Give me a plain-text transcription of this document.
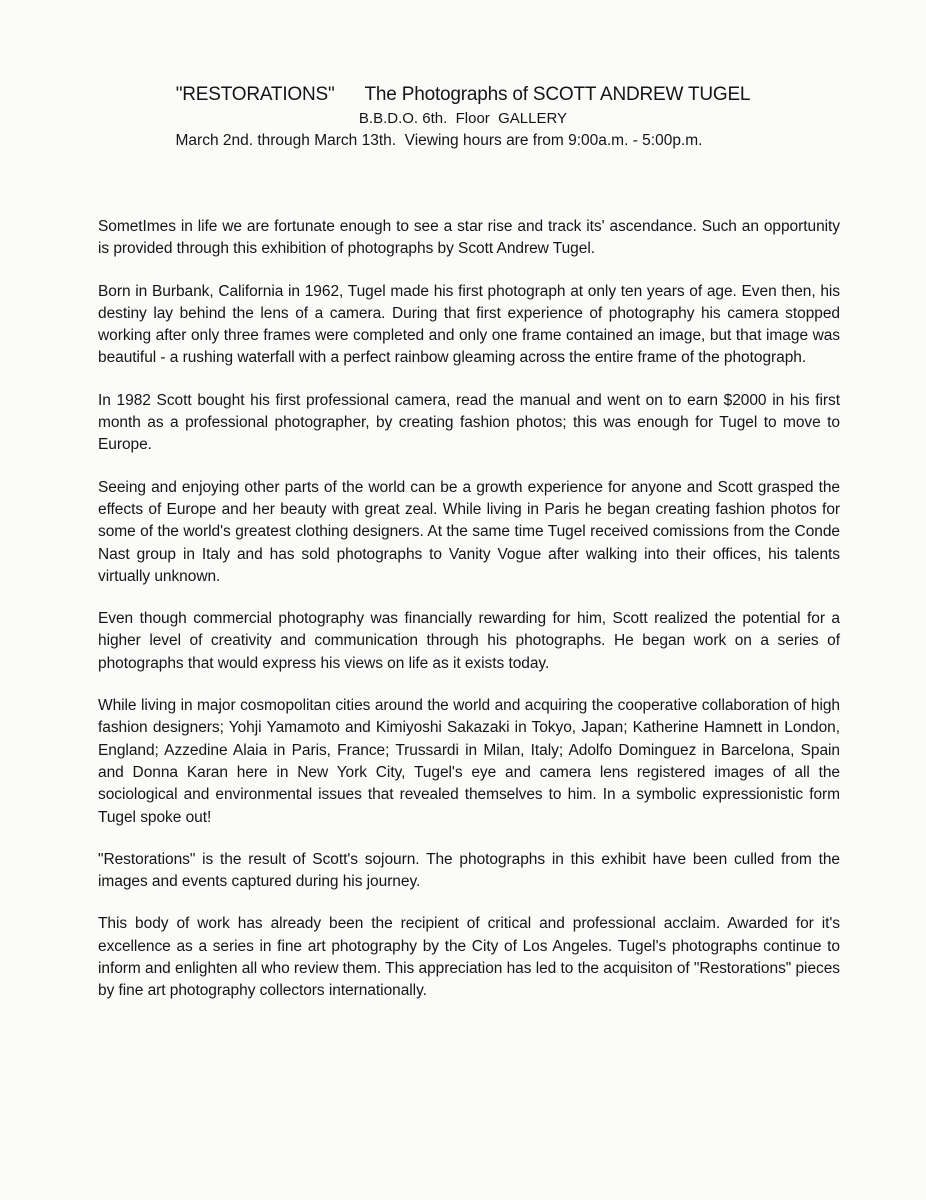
"RESTORATIONS" The Photographs of SCOTT ANDREW TUGEL
B.B.D.O. 6th.  Floor  GALLERY
March 2nd. through March 13th.  Viewing hours are from 9:00a.m. - 5:00p.m.

SometImes in life we are fortunate enough to see a star rise and track its' ascendance. Such an opportunity is provided through this exhibition of photographs by Scott Andrew Tugel.

Born in Burbank, California in 1962, Tugel made his first photograph at only ten years of age. Even then, his destiny lay behind the lens of a camera. During that first experience of photography his camera stopped working after only three frames were completed and only one frame contained an image, but that image was beautiful - a rushing waterfall with a perfect rainbow gleaming across the entire frame of the photograph.

In 1982 Scott bought his first professional camera, read the manual and went on to earn $2000 in his first month as a professional photographer, by creating fashion photos; this was enough for Tugel to move to Europe.

Seeing and enjoying other parts of the world can be a growth experience for anyone and Scott grasped the effects of Europe and her beauty with great zeal. While living in Paris he began creating fashion photos for some of the world's greatest clothing designers. At the same time Tugel received comissions from the Conde Nast group in Italy and has sold photographs to Vanity Vogue after walking into their offices, his talents virtually unknown.

Even though commercial photography was financially rewarding for him, Scott realized the potential for a higher level of creativity and communication through his photographs. He began work on a series of photographs that would express his views on life as it exists today.

While living in major cosmopolitan cities around the world and acquiring the cooperative collaboration of high fashion designers; Yohji Yamamoto and Kimiyoshi Sakazaki in Tokyo, Japan; Katherine Hamnett in London, England; Azzedine Alaia in Paris, France; Trussardi in Milan, Italy; Adolfo Dominguez in Barcelona, Spain and Donna Karan here in New York City, Tugel's eye and camera lens registered images of all the sociological and environmental issues that revealed themselves to him. In a symbolic expressionistic form Tugel spoke out!

"Restorations" is the result of Scott's sojourn. The photographs in this exhibit have been culled from the images and events captured during his journey.

This body of work has already been the recipient of critical and professional acclaim. Awarded for it's excellence as a series in fine art photography by the City of Los Angeles. Tugel's photographs continue to inform and enlighten all who review them. This appreciation has led to the acquisiton of "Restorations" pieces by fine art photography collectors internationally.
